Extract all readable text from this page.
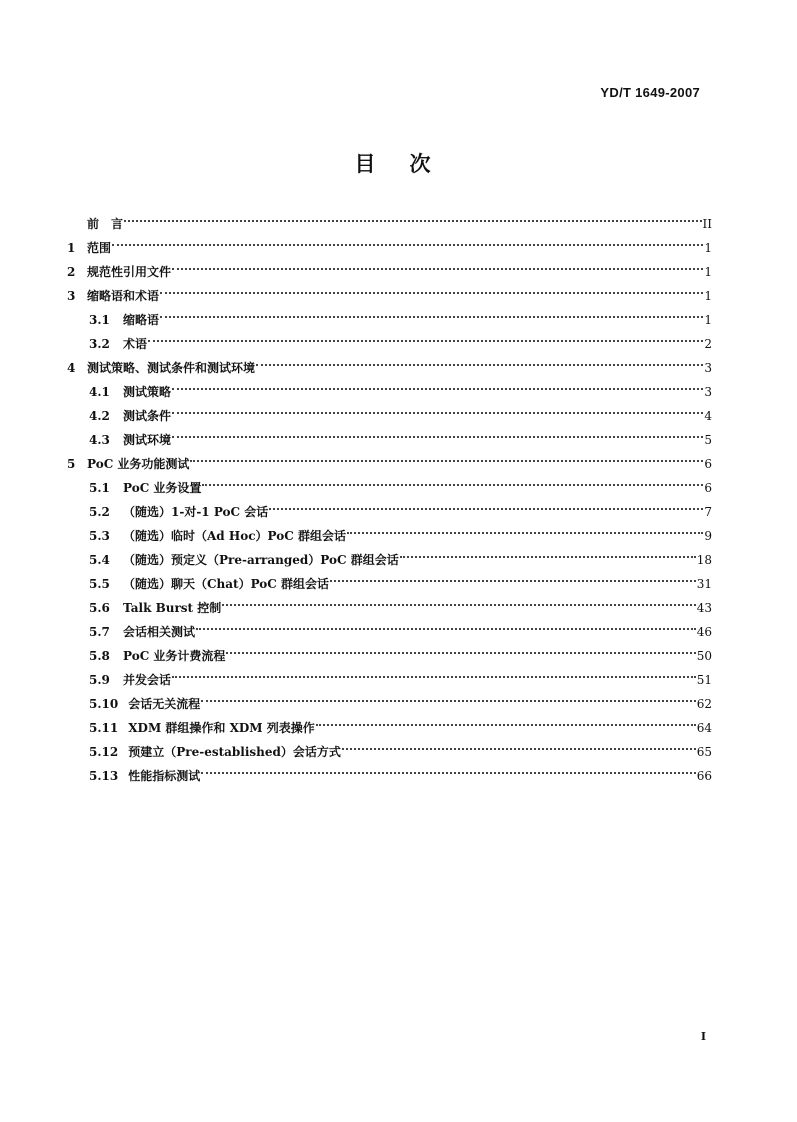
YD/T 1649-2007
目次
前言	II
1 范围	1
2 规范性引用文件	1
3 缩略语和术语	1
3.1 缩略语	1
3.2 术语	2
4 测试策略、测试条件和测试环境	3
4.1 测试策略	3
4.2 测试条件	4
4.3 测试环境	5
5 PoC 业务功能测试	6
5.1 PoC 业务设置	6
5.2 （随选）1-对-1 PoC 会话	7
5.3 （随选）临时（Ad Hoc）PoC 群组会话	9
5.4 （随选）预定义（Pre-arranged）PoC 群组会话	18
5.5 （随选）聊天（Chat）PoC 群组会话	31
5.6 Talk Burst 控制	43
5.7 会话相关测试	46
5.8 PoC 业务计费流程	50
5.9 并发会话	51
5.10 会话无关流程	62
5.11 XDM 群组操作和 XDM 列表操作	64
5.12 预建立（Pre-established）会话方式	65
5.13 性能指标测试	66
I
